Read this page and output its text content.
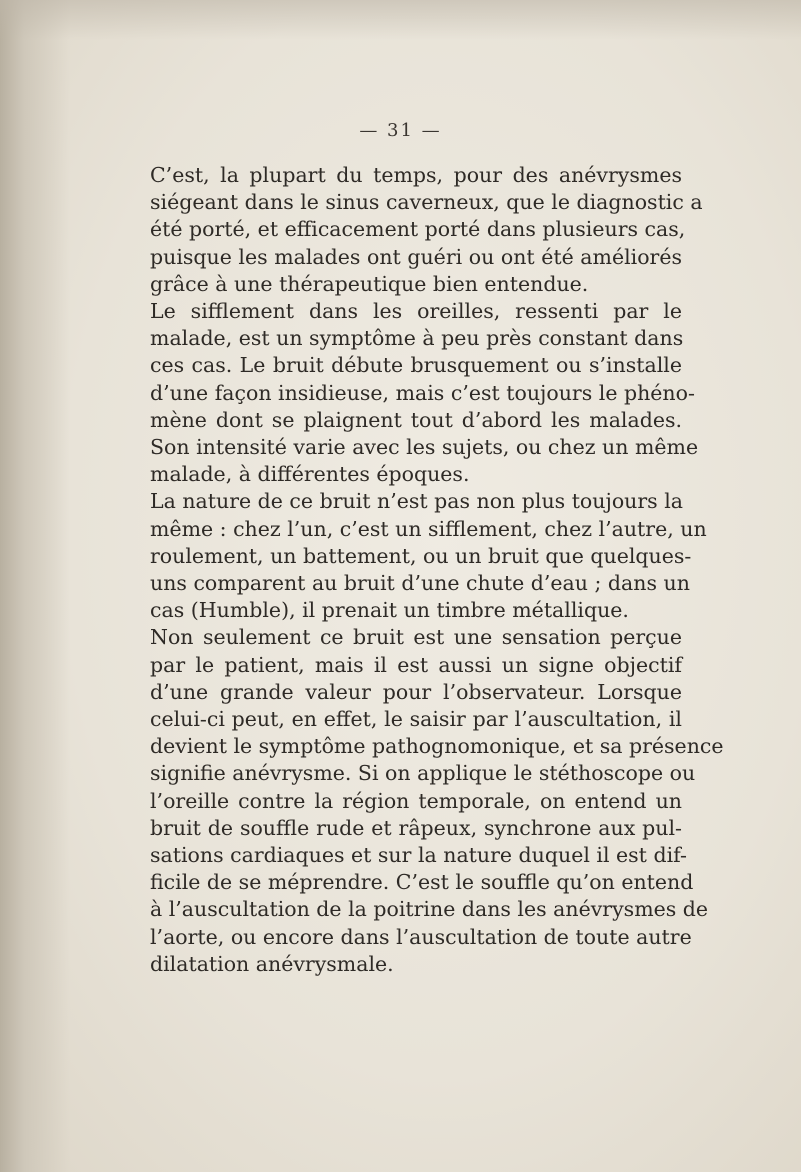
— 31 —

C’est, la plupart du temps, pour des anévrysmes
siégeant dans le sinus caverneux, que le diagnostic a
été porté, et efficacement porté dans plusieurs cas,
puisque les malades ont guéri ou ont été améliorés
grâce à une thérapeutique bien entendue.

Le sifflement dans les oreilles, ressenti par le
malade, est un symptôme à peu près constant dans
ces cas. Le bruit débute brusquement ou s’installe
d’une façon insidieuse, mais c’est toujours le phéno-
mène dont se plaignent tout d’abord les malades.
Son intensité varie avec les sujets, ou chez un même
malade, à différentes époques.

La nature de ce bruit n’est pas non plus toujours la
même : chez l’un, c’est un sifflement, chez l’autre, un
roulement, un battement, ou un bruit que quelques-
uns comparent au bruit d’une chute d’eau ; dans un
cas (Humble), il prenait un timbre métallique.

Non seulement ce bruit est une sensation perçue
par le patient, mais il est aussi un signe objectif
d’une grande valeur pour l’observateur. Lorsque
celui-ci peut, en effet, le saisir par l’auscultation, il
devient le symptôme pathognomonique, et sa présence
signifie anévrysme. Si on applique le stéthoscope ou
l’oreille contre la région temporale, on entend un
bruit de souffle rude et râpeux, synchrone aux pul-
sations cardiaques et sur la nature duquel il est dif-
ficile de se méprendre. C’est le souffle qu’on entend
à l’auscultation de la poitrine dans les anévrysmes de
l’aorte, ou encore dans l’auscultation de toute autre
dilatation anévrysmale.
